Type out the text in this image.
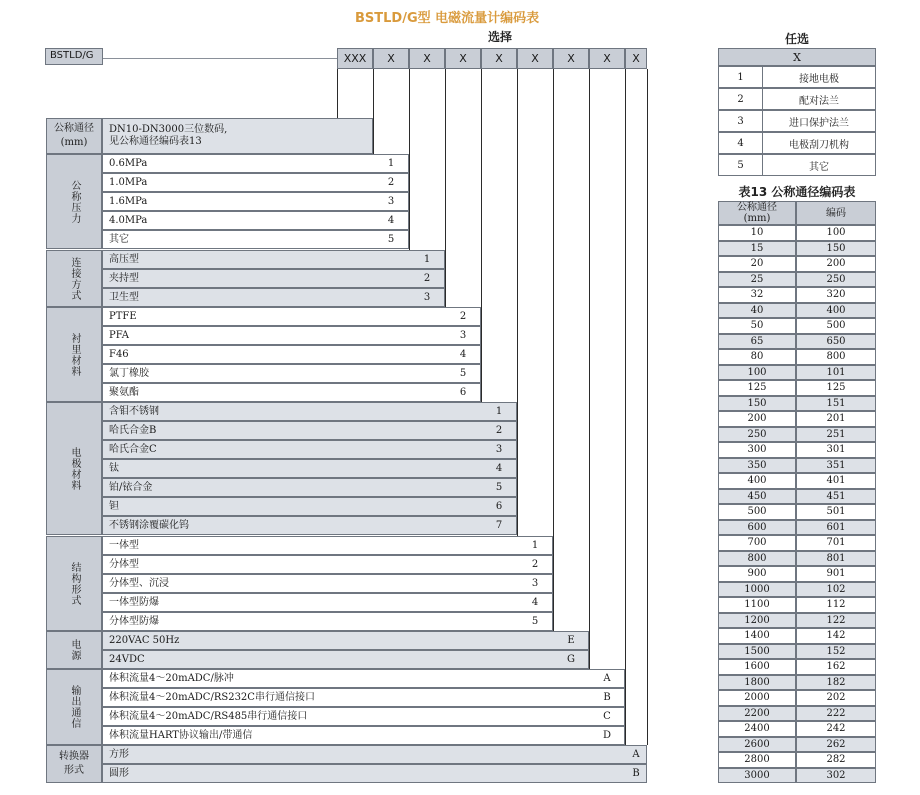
BSTLD/G型 电磁流量计编码表
选择
BSTLD/G	XXX	X	X	X	X	X	X	X	X
公称通径
(mm)
DN10-DN3000三位数码,
见公称通径编码表13
公称压力
0.6MPa	1
1.0MPa	2
1.6MPa	3
4.0MPa	4
其它	5
连接方式	高压型	1
夹持型	2
卫生型	3
衬里材料
PTFE	2
PFA	3
F46	4
氯丁橡胶	5
聚氨酯	6
电极材料
含钼不锈钢	1
哈氏合金B	2
哈氏合金C	3
钛	4
铂/铱合金	5
钽	6
不锈钢涂覆碳化钨	7
结构形式
一体型	1
分体型	2
分体型、沉浸	3
一体型防爆	4
分体型防爆	5
电源	220VAC 50Hz	E
24VDC	G
输出通信
体积流量4～20mADC/脉冲	A
体积流量4～20mADC/RS232C串行通信接口	B
体积流量4～20mADC/RS485串行通信接口	C
体积流量HART协议输出/带通信	D
转换器
形式
方形	A
圆形	B
任选
X
1	接地电极
2	配对法兰
3	进口保护法兰
4	电极刮刀机构
5	其它
表13 公称通径编码表
公称通径
(mm)	编码
10	100
15	150
20	200
25	250
32	320
40	400
50	500
65	650
80	800
100	101
125	125
150	151
200	201
250	251
300	301
350	351
400	401
450	451
500	501
600	601
700	701
800	801
900	901
1000	102
1100	112
1200	122
1400	142
1500	152
1600	162
1800	182
2000	202
2200	222
2400	242
2600	262
2800	282
3000	302
